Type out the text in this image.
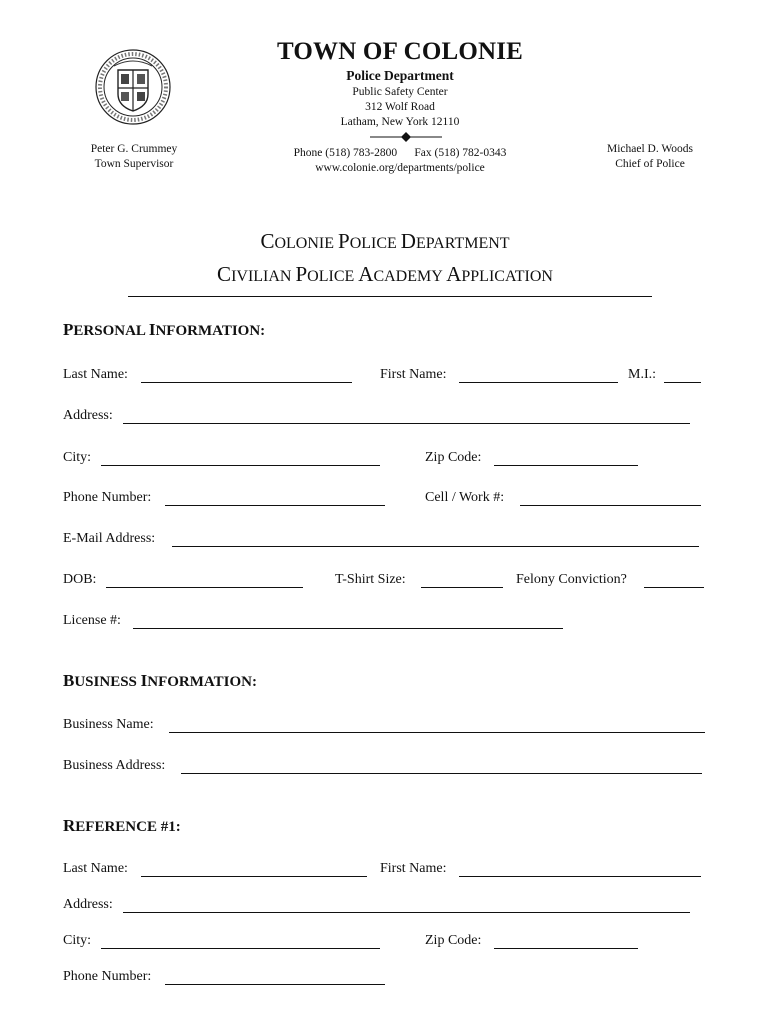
TOWN OF COLONIE
Police Department
Public Safety Center
312 Wolf Road
Latham, New York 12110
Phone (518) 783-2800      Fax (518) 782-0343
www.colonie.org/departments/police
Peter G. Crummey
Town Supervisor
Michael D. Woods
Chief of Police
COLONIE POLICE DEPARTMENT
CIVILIAN POLICE ACADEMY APPLICATION
PERSONAL INFORMATION:
Last Name:	First Name:	M.I.:
Address:
City:	Zip Code:
Phone Number:	Cell / Work #:
E-Mail Address:
DOB:	T-Shirt Size:	Felony Conviction?
License #:
BUSINESS INFORMATION:
Business Name:
Business Address:
REFERENCE #1:
Last Name:	First Name:
Address:
City:	Zip Code:
Phone Number:
